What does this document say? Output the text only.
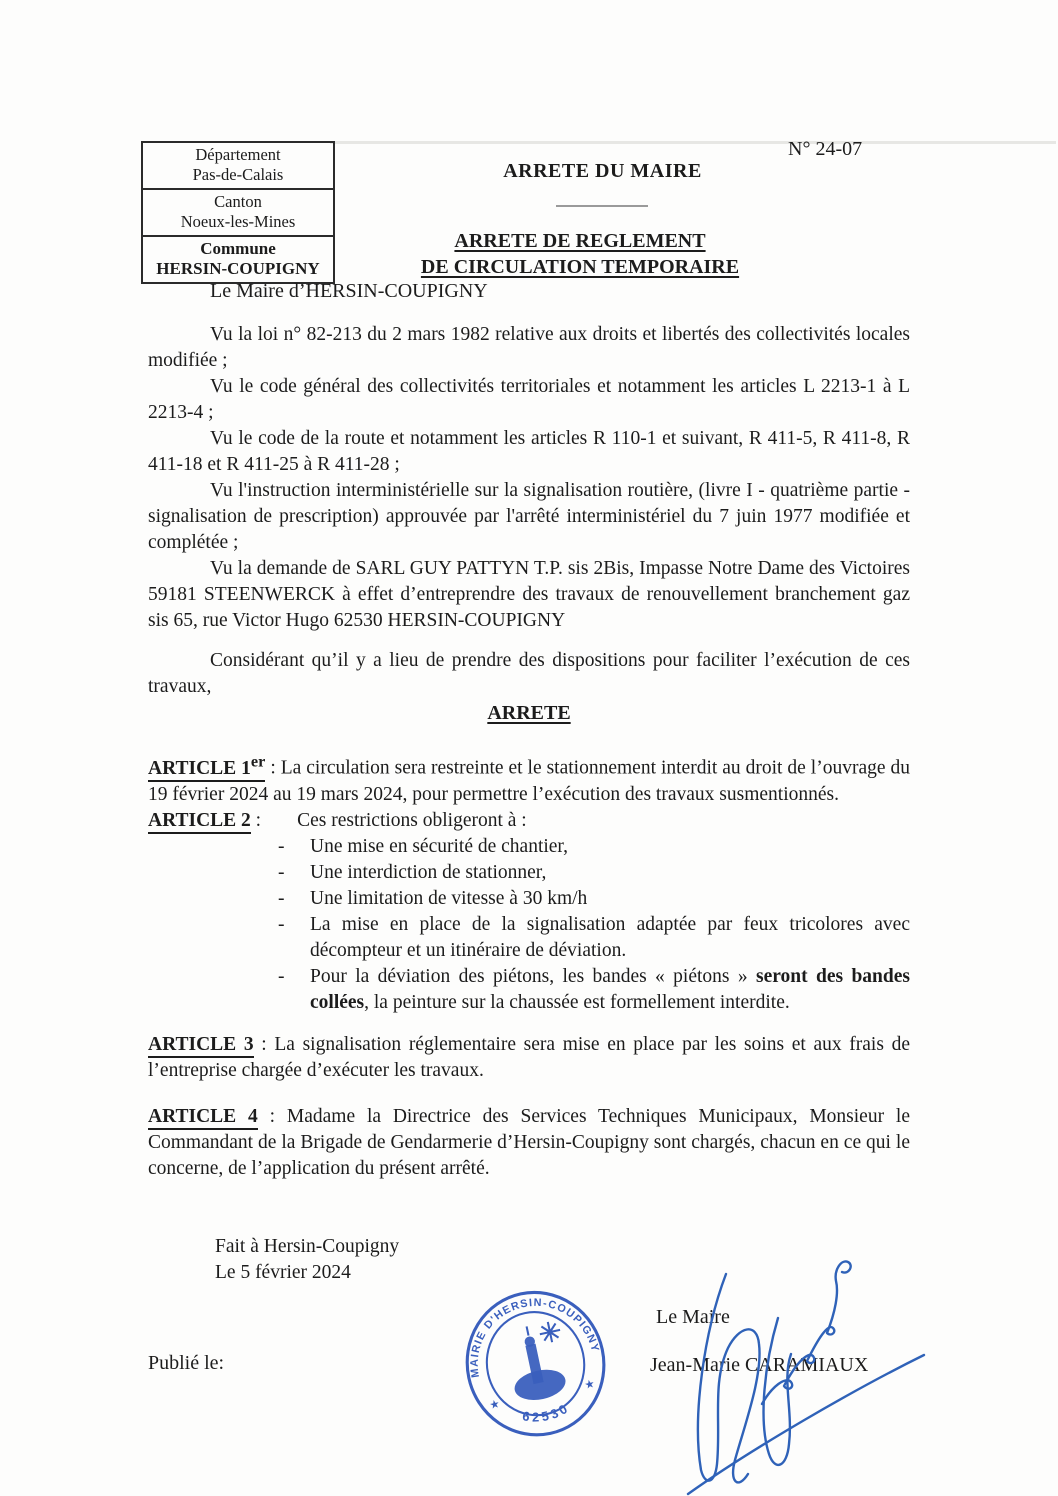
Département
Pas-de-Calais
Canton
Noeux-les-Mines
Commune
HERSIN-COUPIGNY
N° 24-07
ARRETE DU MAIRE
ARRETE DE REGLEMENT
DE CIRCULATION TEMPORAIRE
Le Maire d’HERSIN-COUPIGNY

Vu la loi n° 82-213 du 2 mars 1982 relative aux droits et libertés des collectivités locales modifiée ;

Vu le code général des collectivités territoriales et notamment les articles L 2213-1 à L 2213-4 ;

Vu le code de la route et notamment les articles R 110-1 et suivant, R 411-5, R 411-8, R 411-18 et R 411-25 à R 411-28 ;

Vu l'instruction interministérielle sur la signalisation routière, (livre I - quatrième partie - signalisation de prescription) approuvée par l'arrêté interministériel du 7 juin 1977 modifiée et complétée ;

Vu la demande de SARL GUY PATTYN T.P. sis 2Bis, Impasse Notre Dame des Victoires 59181 STEENWERCK à effet d’entreprendre des travaux de renouvellement branchement gaz sis 65, rue Victor Hugo 62530 HERSIN-COUPIGNY

Considérant qu’il y a lieu de prendre des dispositions pour faciliter l’exécution de ces travaux,

ARRETE

ARTICLE 1er : La circulation sera restreinte et le stationnement interdit au droit de l’ouvrage du 19 février 2024 au 19 mars 2024, pour permettre l’exécution des travaux susmentionnés.

ARTICLE 2 : Ces restrictions obligeront à :

-	Une mise en sécurité de chantier,
-	Une interdiction de stationner,
-	Une limitation de vitesse à 30 km/h
-	La mise en place de la signalisation adaptée par feux tricolores avec décompteur et un itinéraire de déviation.
-	Pour la déviation des piétons, les bandes « piétons » seront des bandes collées, la peinture sur la chaussée est formellement interdite.

ARTICLE 3 : La signalisation réglementaire sera mise en place par les soins et aux frais de l’entreprise chargée d’exécuter les travaux.

ARTICLE 4 : Madame la Directrice des Services Techniques Municipaux, Monsieur le Commandant de la Brigade de Gendarmerie d’Hersin-Coupigny sont chargés, chacun en ce qui le concerne, de l’application du présent arrêté.

Fait à Hersin-Coupigny
Le 5 février 2024
Publié le:
Le Maire
Jean-Marie CARAMIAUX
MAIRIE D'HERSIN-COUPIGNY
62530
★
★
